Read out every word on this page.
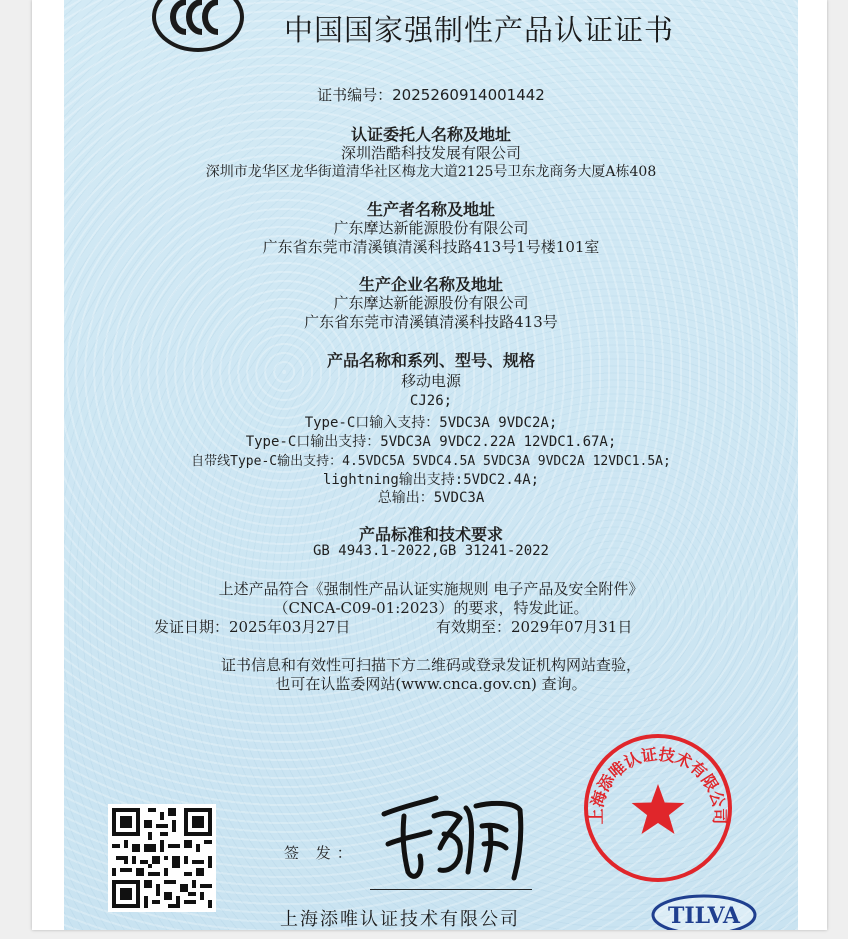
中国国家强制性产品认证证书
证书编号：2025260914001442
认证委托人名称及地址
深圳浩酷科技发展有限公司
深圳市龙华区龙华街道清华社区梅龙大道2125号卫东龙商务大厦A栋408
生产者名称及地址
广东摩达新能源股份有限公司
广东省东莞市清溪镇清溪科技路413号1号楼101室
生产企业名称及地址
广东摩达新能源股份有限公司
广东省东莞市清溪镇清溪科技路413号
产品名称和系列、型号、规格
移动电源
CJ26;
Type-C口输入支持：5VDC3A 9VDC2A;
Type-C口输出支持：5VDC3A 9VDC2.22A 12VDC1.67A;
自带线Type-C输出支持：4.5VDC5A 5VDC4.5A 5VDC3A 9VDC2A 12VDC1.5A;
lightning输出支持:5VDC2.4A;
总输出：5VDC3A
产品标准和技术要求
GB 4943.1-2022,GB 31241-2022
上述产品符合《强制性产品认证实施规则 电子产品及安全附件》
（CNCA-C09-01:2023）的要求，特发此证。
发证日期：2025年03月27日	有效期至：2029年07月31日
证书信息和有效性可扫描下方二维码或登录发证机构网站查验，
也可在认监委网站(www.cnca.gov.cn) 查询。
签 发：
上海添唯认证技术有限公司
上海添唯认证技术有限公司	TILVA
